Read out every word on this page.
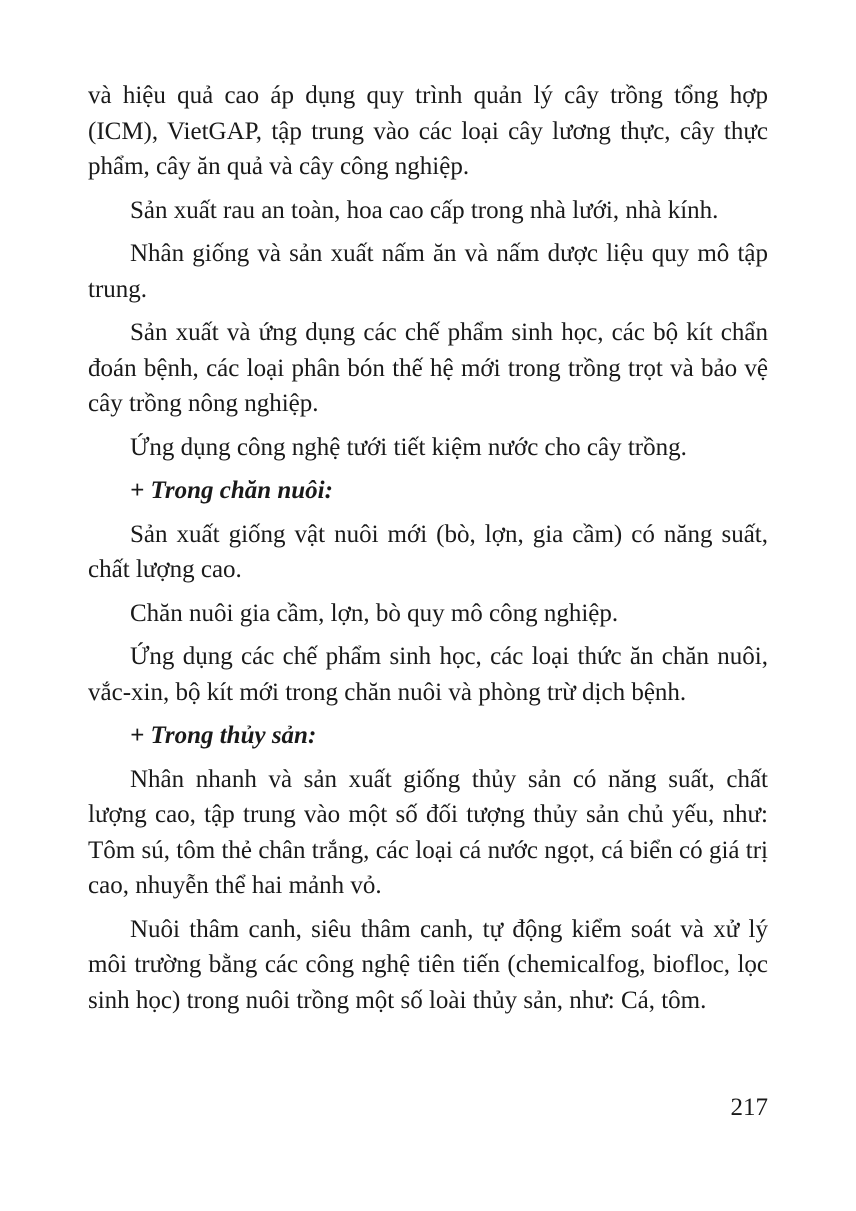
và hiệu quả cao áp dụng quy trình quản lý cây trồng tổng hợp (ICM), VietGAP, tập trung vào các loại cây lương thực, cây thực phẩm, cây ăn quả và cây công nghiệp.

Sản xuất rau an toàn, hoa cao cấp trong nhà lưới, nhà kính.

Nhân giống và sản xuất nấm ăn và nấm dược liệu quy mô tập trung.

Sản xuất và ứng dụng các chế phẩm sinh học, các bộ kít chẩn đoán bệnh, các loại phân bón thế hệ mới trong trồng trọt và bảo vệ cây trồng nông nghiệp.

Ứng dụng công nghệ tưới tiết kiệm nước cho cây trồng.

+ Trong chăn nuôi:

Sản xuất giống vật nuôi mới (bò, lợn, gia cầm) có năng suất, chất lượng cao.

Chăn nuôi gia cầm, lợn, bò quy mô công nghiệp.

Ứng dụng các chế phẩm sinh học, các loại thức ăn chăn nuôi, vắc-xin, bộ kít mới trong chăn nuôi và phòng trừ dịch bệnh.

+ Trong thủy sản:

Nhân nhanh và sản xuất giống thủy sản có năng suất, chất lượng cao, tập trung vào một số đối tượng thủy sản chủ yếu, như: Tôm sú, tôm thẻ chân trắng, các loại cá nước ngọt, cá biển có giá trị cao, nhuyễn thể hai mảnh vỏ.

Nuôi thâm canh, siêu thâm canh, tự động kiểm soát và xử lý môi trường bằng các công nghệ tiên tiến (chemicalfog, biofloc, lọc sinh học) trong nuôi trồng một số loài thủy sản, như: Cá, tôm.

217
